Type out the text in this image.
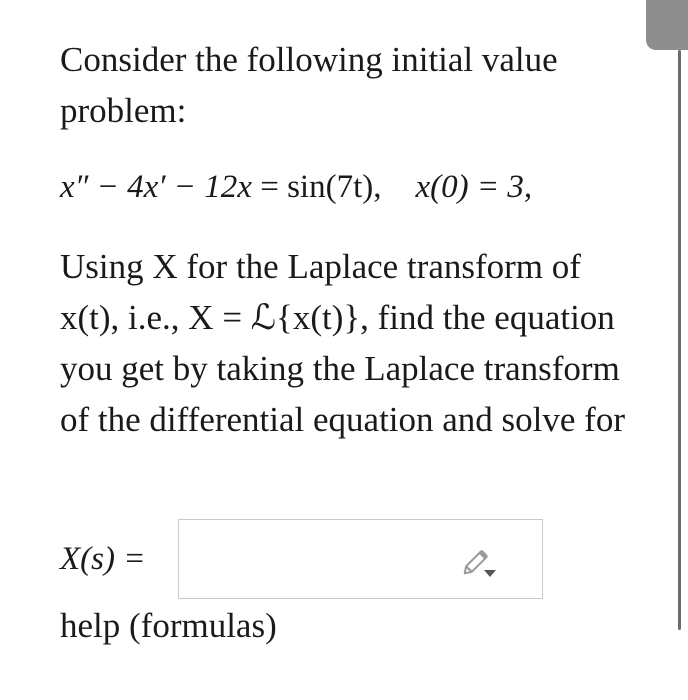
Consider the following initial value problem:

x″ − 4x′ − 12x = sin(7t), x(0) = 3,

Using X for the Laplace transform of x(t), i.e., X = ℒ{x(t)}, find the equation you get by taking the Laplace transform of the differential equation and solve for

X(s) =
help (formulas)
